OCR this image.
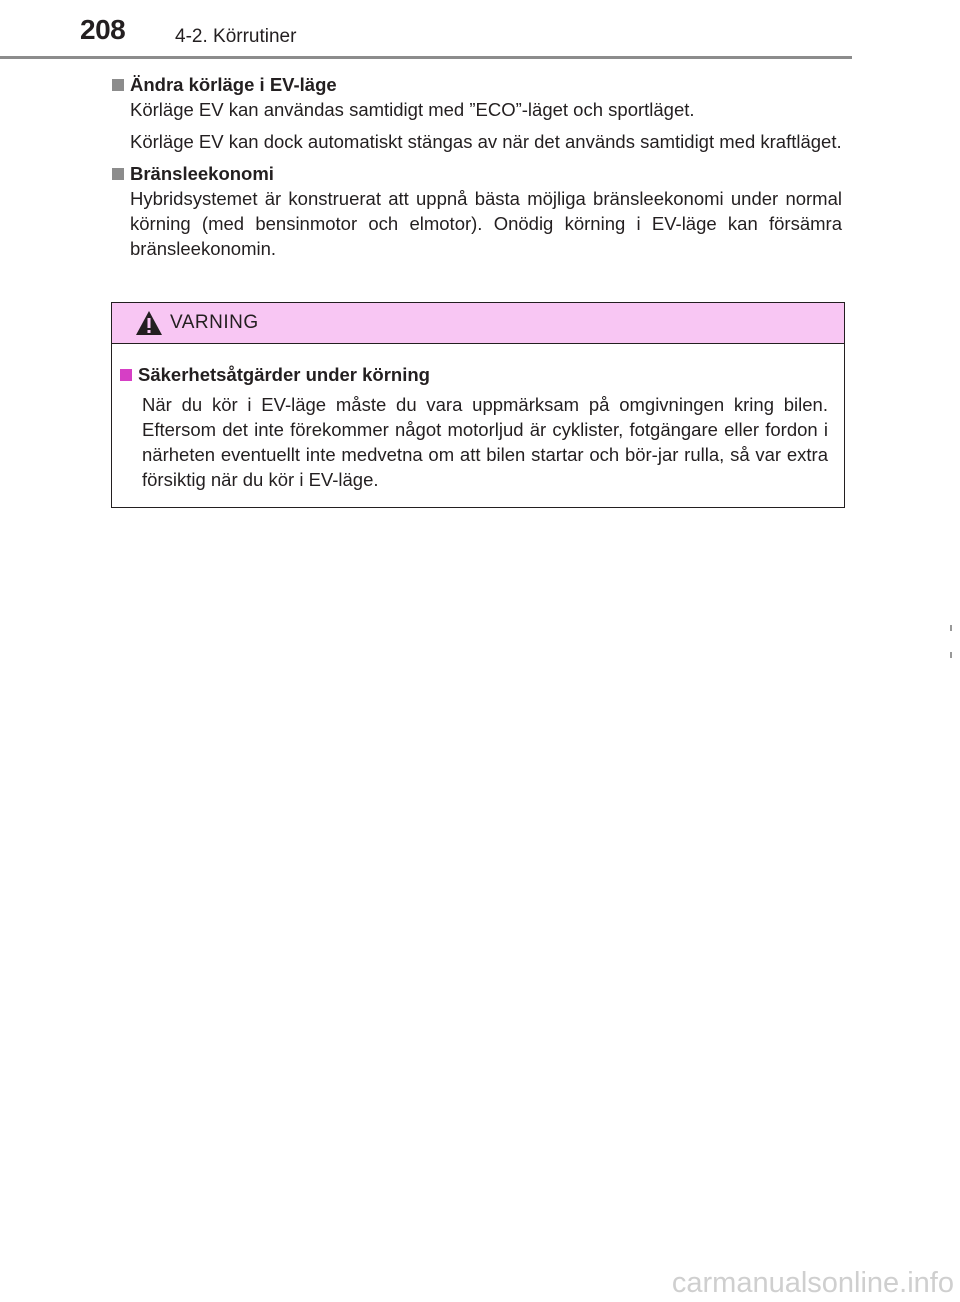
208	4-2. Körrutiner
Ändra körläge i EV-läge

Körläge EV kan användas samtidigt med ”ECO”-läget och sportläget.

Körläge EV kan dock automatiskt stängas av när det används samtidigt med kraftläget.

Bränsleekonomi

Hybridsystemet är konstruerat att uppnå bästa möjliga bränsleekonomi under normal körning (med bensinmotor och elmotor). Onödig körning i EV-läge kan försämra bränsleekonomin.

VARNING
Säkerhetsåtgärder under körning

När du kör i EV-läge måste du vara uppmärksam på omgivningen kring bilen. Eftersom det inte förekommer något motorljud är cyklister, fotgängare eller fordon i närheten eventuellt inte medvetna om att bilen startar och bör-jar rulla, så var extra försiktig när du kör i EV-läge.

carmanualsonline.info
